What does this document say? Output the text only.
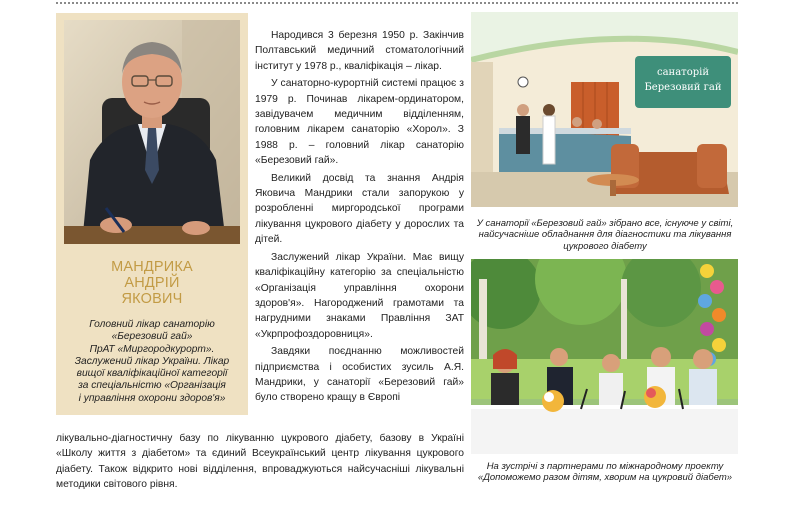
МАНДРИКА
АНДРІЙ
ЯКОВИЧ
Головний лікар санаторію
«Березовий гай»
ПрАТ «Миргородкурорт».
Заслужений лікар України. Лікар
вищої кваліфікаційної категорії
за спеціальністю «Організація
і управління охорони здоров'я»

Народився 3 березня 1950 р. Закінчив Полтавський медичний стоматологічний інститут у 1978 р., кваліфікація – лікар.

У санаторно-курортній системі працює з 1979 р. Починав лікарем-ординатором, завідувачем медичним відділенням, головним лікарем санаторію «Хорол». З 1988 р. – головний лікар санаторію «Березовий гай».

Великий досвід та знання Андрія Яковича Мандрики стали запорукою у розробленні миргородської програми лікування цукрового діабету у дорослих та дітей.

Заслужений лікар України. Має вищу кваліфікаційну категорію за спеціальністю «Організація управління охорони здоров'я». Нагороджений грамотами та нагрудними знаками Правління ЗАТ «Укрпрофоздоровниця».

Завдяки поєднанню можливостей підприємства і особистих зусиль А.Я. Мандрики, у санаторії «Березовий гай» було створено кращу в Європі

лікувально-діагностичну базу по лікуванню цукрового діабету, базову в Україні «Школу життя з діабетом» та єдиний Всеукраїнський центр лікування цукрового діабету. Також відкрито нові відділення, впроваджуються найсучасніші лікувальні методики світового рівня.
санаторій
Березовий гай
У санаторії «Березовий гай» зібрано все, існуюче у світі, найсучасніше обладнання для діагностики та лікування цукрового діабету
На зустрічі з партнерами по міжнародному проекту «Допоможемо разом дітям, хворим на цукровий діабет»
